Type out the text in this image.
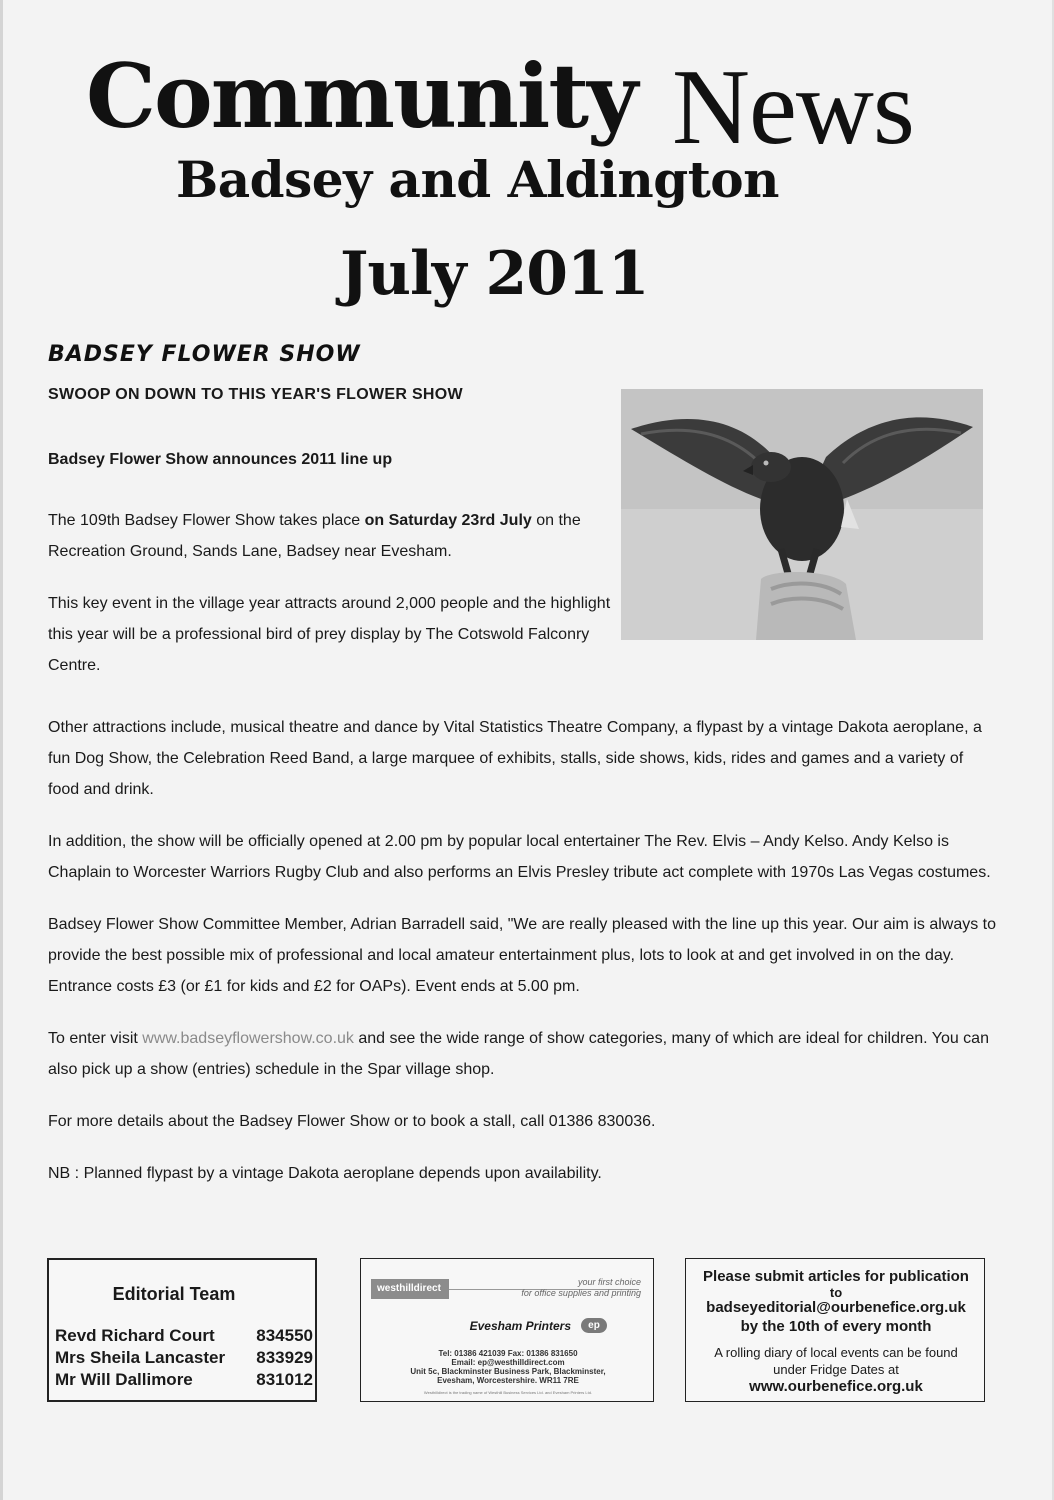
Community News
Badsey and Aldington
July 2011
BADSEY FLOWER SHOW

SWOOP ON DOWN TO THIS YEAR'S FLOWER SHOW

Badsey Flower Show announces 2011 line up

The 109th Badsey Flower Show takes place on Saturday 23rd July on the Recreation Ground, Sands Lane, Badsey near Evesham.

This key event in the village year attracts around 2,000 people and the highlight this year will be a professional bird of prey display by The Cotswold Falconry Centre.

Other attractions include, musical theatre and dance by Vital Statistics Theatre Company, a flypast by a vintage Dakota aeroplane, a fun Dog Show, the Celebration Reed Band, a large marquee of exhibits, stalls, side shows, kids, rides and games and a variety of food and drink.

In addition, the show will be officially opened at 2.00 pm by popular local entertainer The Rev. Elvis – Andy Kelso. Andy Kelso is Chaplain to Worcester Warriors Rugby Club and also performs an Elvis Presley tribute act complete with 1970s Las Vegas costumes.

Badsey Flower Show Committee Member, Adrian Barradell said, "We are really pleased with the line up this year. Our aim is always to provide the best possible mix of professional and local amateur entertainment plus, lots to look at and get involved in on the day. Entrance costs £3 (or £1 for kids and £2 for OAPs). Event ends at 5.00 pm.

To enter visit www.badseyflowershow.co.uk and see the wide range of show categories, many of which are ideal for children. You can also pick up a show (entries) schedule in the Spar village shop.

For more details about the Badsey Flower Show or to book a stall, call 01386 830036.

NB : Planned flypast by a vintage Dakota aeroplane depends upon availability.

Editorial Team

Revd Richard Court 834550
Mrs Sheila Lancaster 833929
Mr Will Dallimore	831012
westhilldirect
your first choice
for office supplies and printing
Evesham Printers	ep
Tel: 01386 421039 Fax: 01386 831650
Email: ep@westhilldirect.com
Unit 5c, Blackminster Business Park, Blackminster,
Evesham, Worcestershire. WR11 7RE
Westhilldirect is the trading name of Westhill Business Services Ltd. and Evesham Printers Ltd.
Please submit articles for publication
to
badseyeditorial@ourbenefice.org.uk
by the 10th of every month
A rolling diary of local events can be found
under Fridge Dates at
www.ourbenefice.org.uk
